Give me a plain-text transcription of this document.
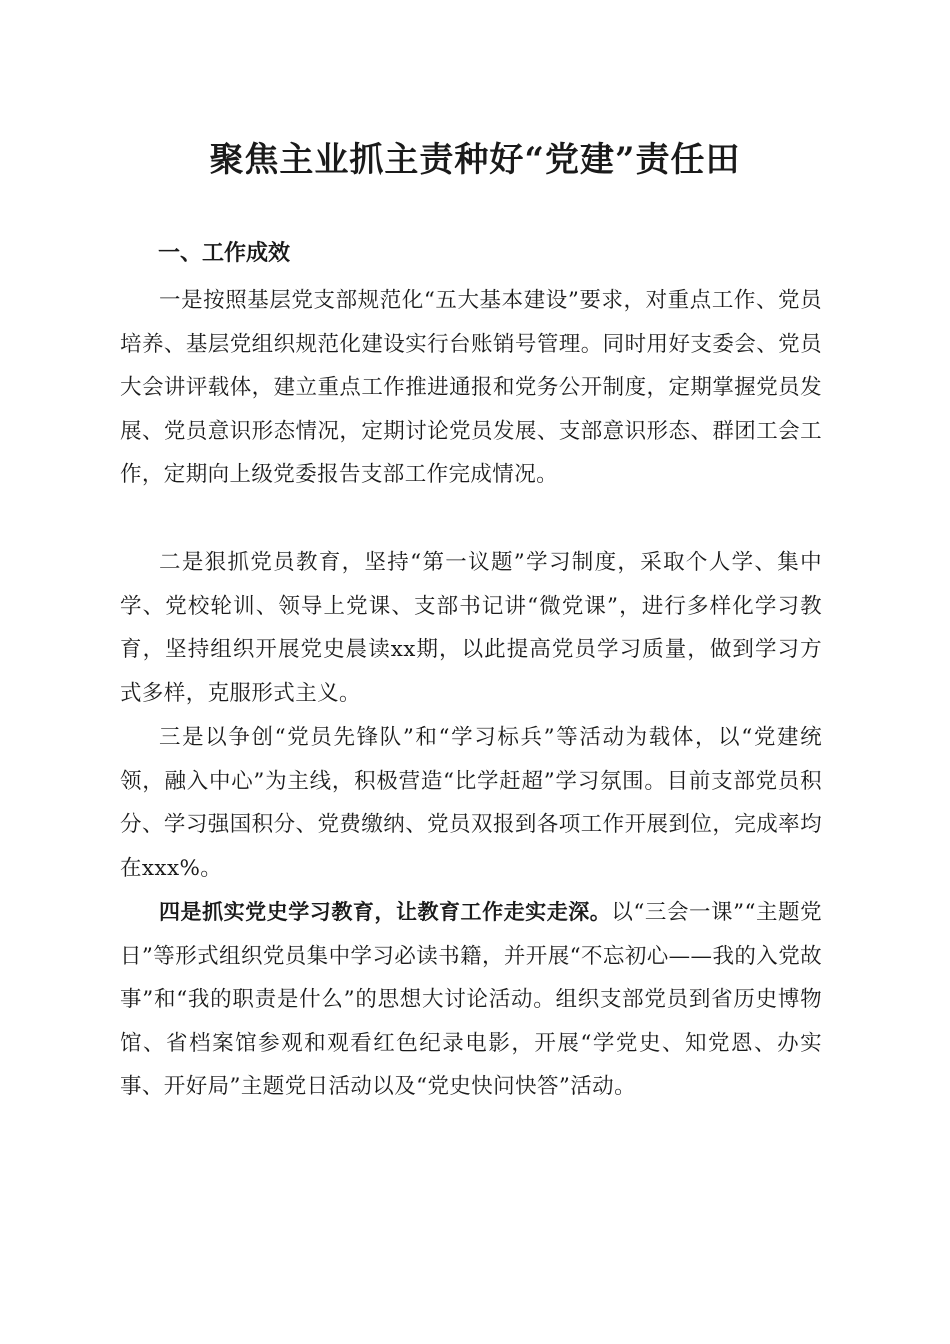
聚焦主业抓主责种好“党建”责任田
一、工作成效

一是按照基层党支部规范化“五大基本建设”要求，对重点工作、党员培养、基层党组织规范化建设实行台账销号管理。同时用好支委会、党员大会讲评载体，建立重点工作推进通报和党务公开制度，定期掌握党员发展、党员意识形态情况，定期讨论党员发展、支部意识形态、群团工会工作，定期向上级党委报告支部工作完成情况。

二是狠抓党员教育，坚持“第一议题”学习制度，采取个人学、集中学、党校轮训、领导上党课、支部书记讲“微党课”，进行多样化学习教育，坚持组织开展党史晨读xx期，以此提高党员学习质量，做到学习方式多样，克服形式主义。

三是以争创“党员先锋队”和“学习标兵”等活动为载体，以“党建统领，融入中心”为主线，积极营造“比学赶超”学习氛围。目前支部党员积分、学习强国积分、党费缴纳、党员双报到各项工作开展到位，完成率均在xxx%。

四是抓实党史学习教育，让教育工作走实走深。以“三会一课”“主题党日”等形式组织党员集中学习必读书籍，并开展“不忘初心——我的入党故事”和“我的职责是什么”的思想大讨论活动。组织支部党员到省历史博物馆、省档案馆参观和观看红色纪录电影，开展“学党史、知党恩、办实事、开好局”主题党日活动以及“党史快问快答”活动。
